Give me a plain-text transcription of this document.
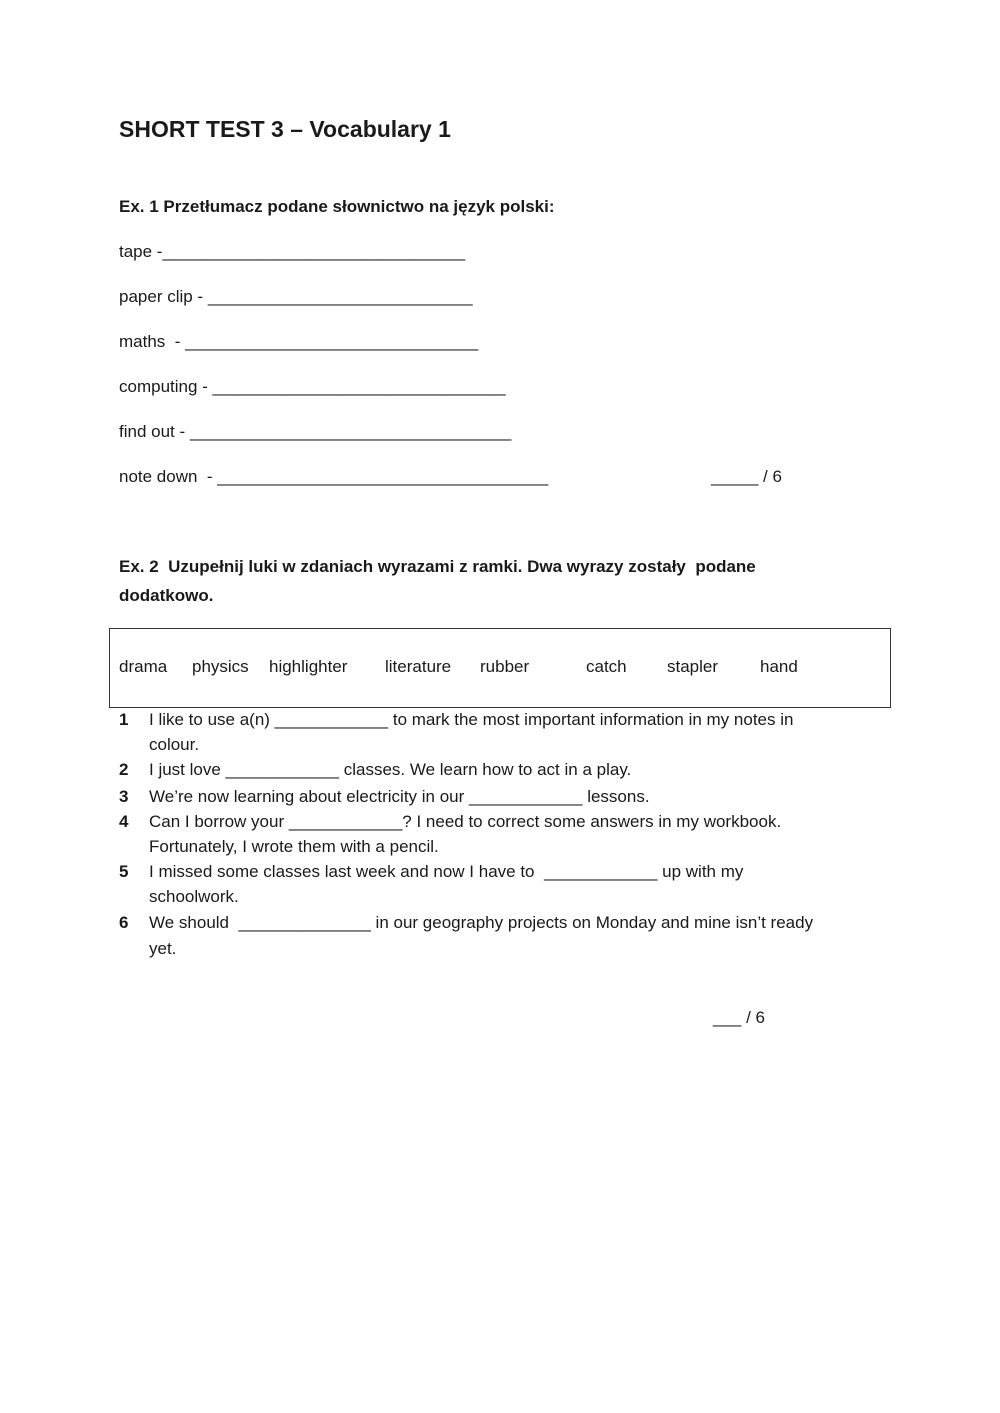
SHORT TEST 3 – Vocabulary 1
Ex. 1 Przetłumacz podane słownictwo na język polski:
tape -________________________________
paper clip - ____________________________
maths  - _______________________________
computing - _______________________________
find out - __________________________________
note down  - ___________________________________	_____ / 6
Ex. 2  Uzupełnij luki w zdaniach wyrazami z ramki. Dwa wyrazy zostały  podane
dodatkowo.
drama physics highlighter literature rubber	catch stapler hand
1 I like to use a(n) ____________ to mark the most important information in my notes in
colour.
2 I just love ____________ classes. We learn how to act in a play.
3 We’re now learning about electricity in our ____________ lessons.
4 Can I borrow your ____________? I need to correct some answers in my workbook.
Fortunately, I wrote them with a pencil.
5 I missed some classes last week and now I have to  ____________ up with my
schoolwork.
6 We should  ______________ in our geography projects on Monday and mine isn’t ready
yet.
___ / 6
